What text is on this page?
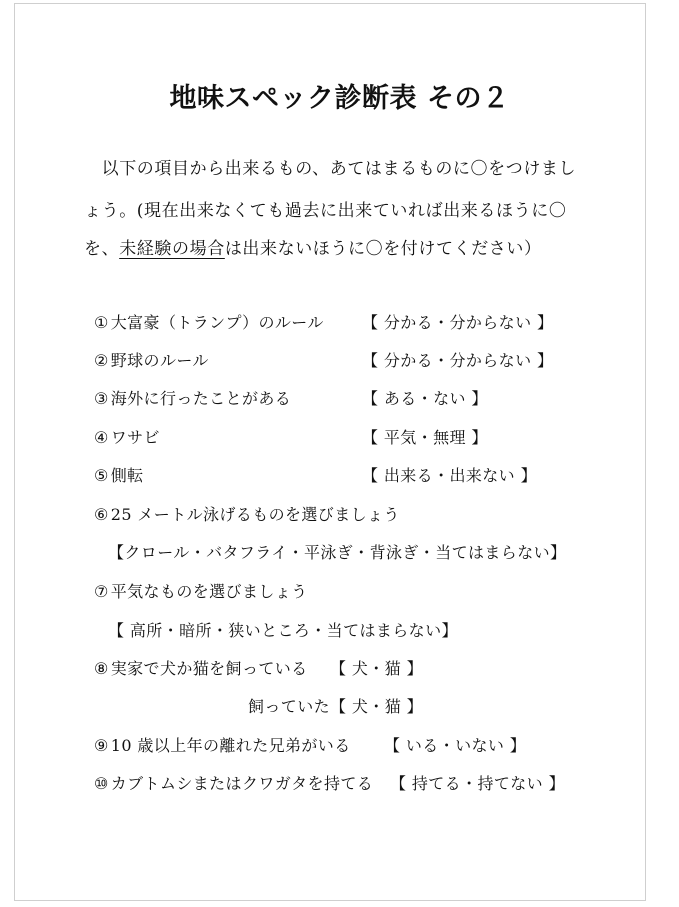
地味スペック診断表 その２
　以下の項目から出来るもの、あてはまるものに〇をつけまし
ょう。(現在出来なくても過去に出来ていれば出来るほうに〇
を、未経験の場合は出来ないほうに〇を付けてください）
① 大富豪（トランプ）のルール 【 分かる・分からない 】
② 野球のルール	【 分かる・分からない 】
③ 海外に行ったことがある	【 ある・ない 】
④ ワサビ	【 平気・無理 】
⑤ 側転	【 出来る・出来ない 】
⑥ 25 メートル泳げるものを選びましょう
【クロール・バタフライ・平泳ぎ・背泳ぎ・当てはまらない】
⑦ 平気なものを選びましょう
【 高所・暗所・狭いところ・当てはまらない】
⑧ 実家で犬か猫を飼っている 【 犬・猫 】
飼っていた【 犬・猫 】
⑨ 10 歳以上年の離れた兄弟がいる 【 いる・いない 】
⑩ カブトムシまたはクワガタを持てる 【 持てる・持てない 】
